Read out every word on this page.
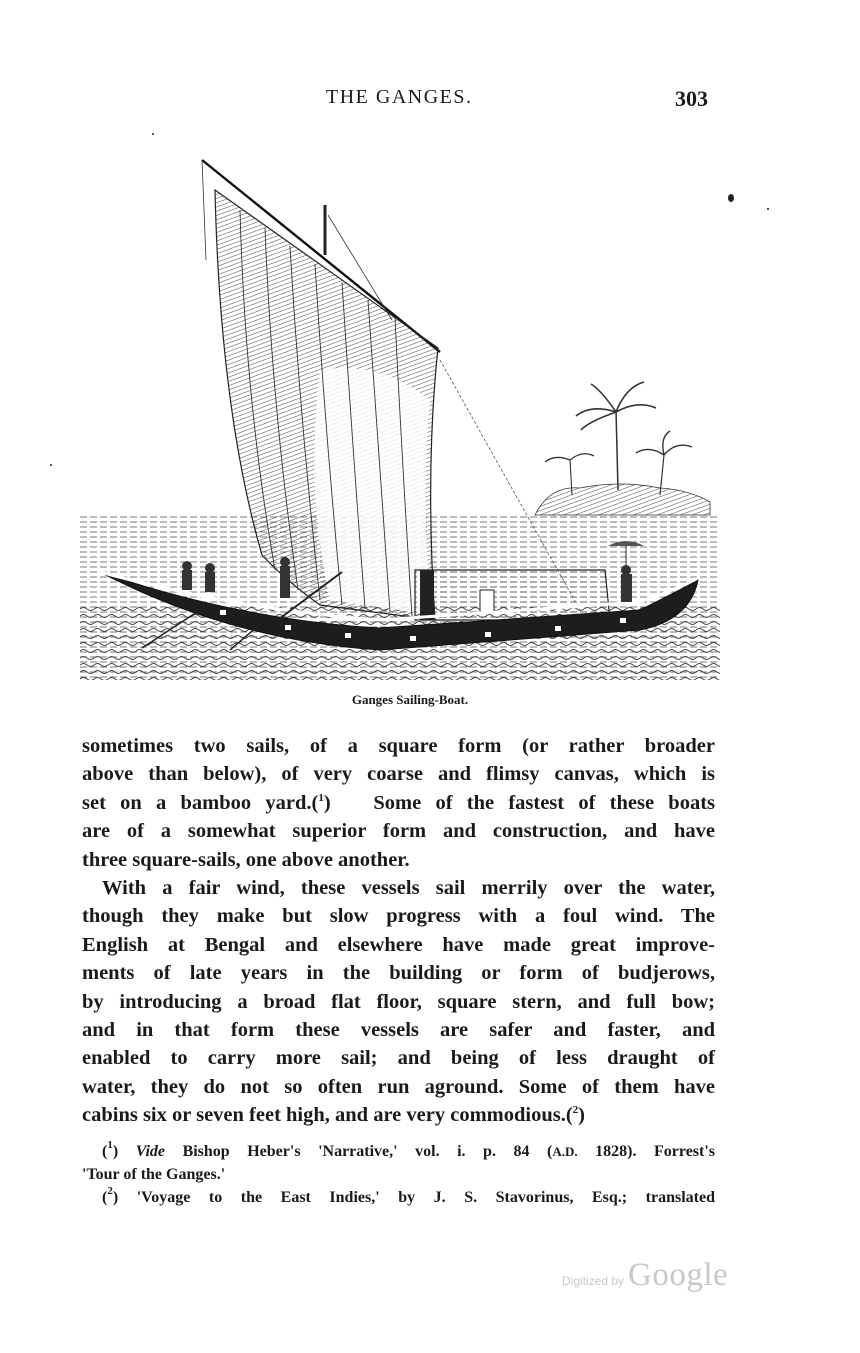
THE GANGES.	303
Ganges Sailing-Boat.

sometimes two sails, of a square form (or rather broader
above than below), of very coarse and flimsy canvas, which is
set on a bamboo yard.($^1$) Some of the fastest of these boats
are of a somewhat superior form and construction, and have
three square-sails, one above another.

With a fair wind, these vessels sail merrily over the water,
though they make but slow progress with a foul wind. The
English at Bengal and elsewhere have made great improve-
ments of late years in the building or form of budjerows,
by introducing a broad flat floor, square stern, and full bow;
and in that form these vessels are safer and faster, and
enabled to carry more sail; and being of less draught of
water, they do not so often run aground. Some of them have
cabins six or seven feet high, and are very commodious.($^2$)

($^1$) Vide Bishop Heber's 'Narrative,' vol. i. p. 84 (A.D. 1828). Forrest's
'Tour of the Ganges.'
($^2$) 'Voyage to the East Indies,' by J. S. Stavorinus, Esq.; translated
Digitized by Google
